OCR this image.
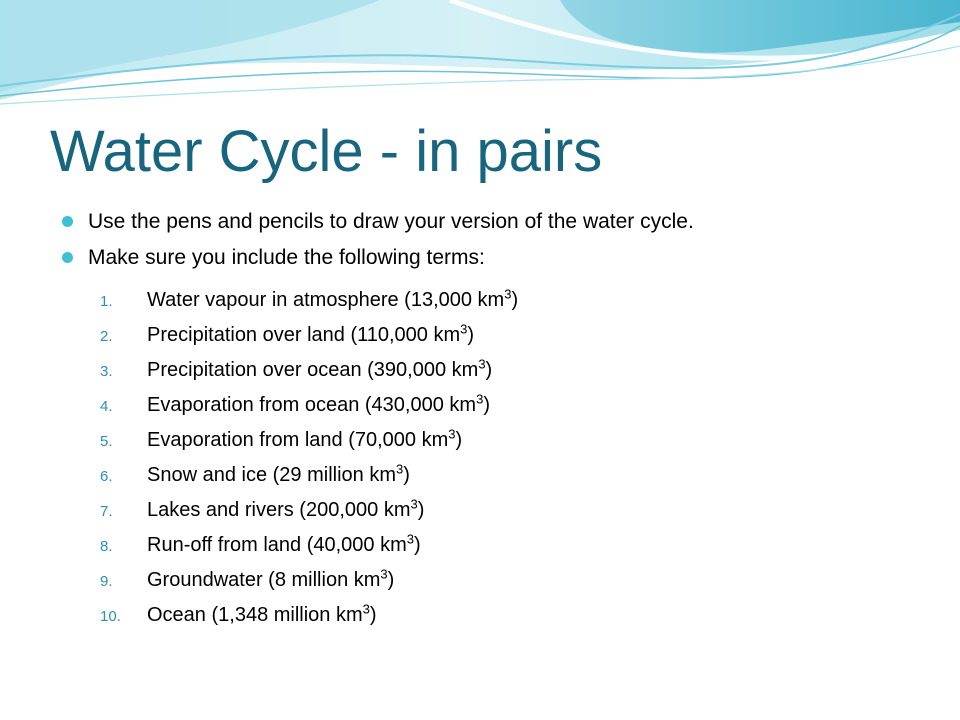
Water Cycle - in pairs
Use the pens and pencils to draw your version of the water cycle.
Make sure you include the following terms:
1. Water vapour in atmosphere (13,000 $km^3$)
2. Precipitation over land (110,000 $km^3$)
3. Precipitation over ocean (390,000 $km^3$)
4. Evaporation from ocean (430,000 $km^3$)
5. Evaporation from land (70,000 $km^3$)
6. Snow and ice (29 million $km^3$)
7. Lakes and rivers (200,000 $km^3$)
8. Run-off from land (40,000 $km^3$)
9. Groundwater (8 million $km^3$)
10. Ocean (1,348 million $km^3$)
